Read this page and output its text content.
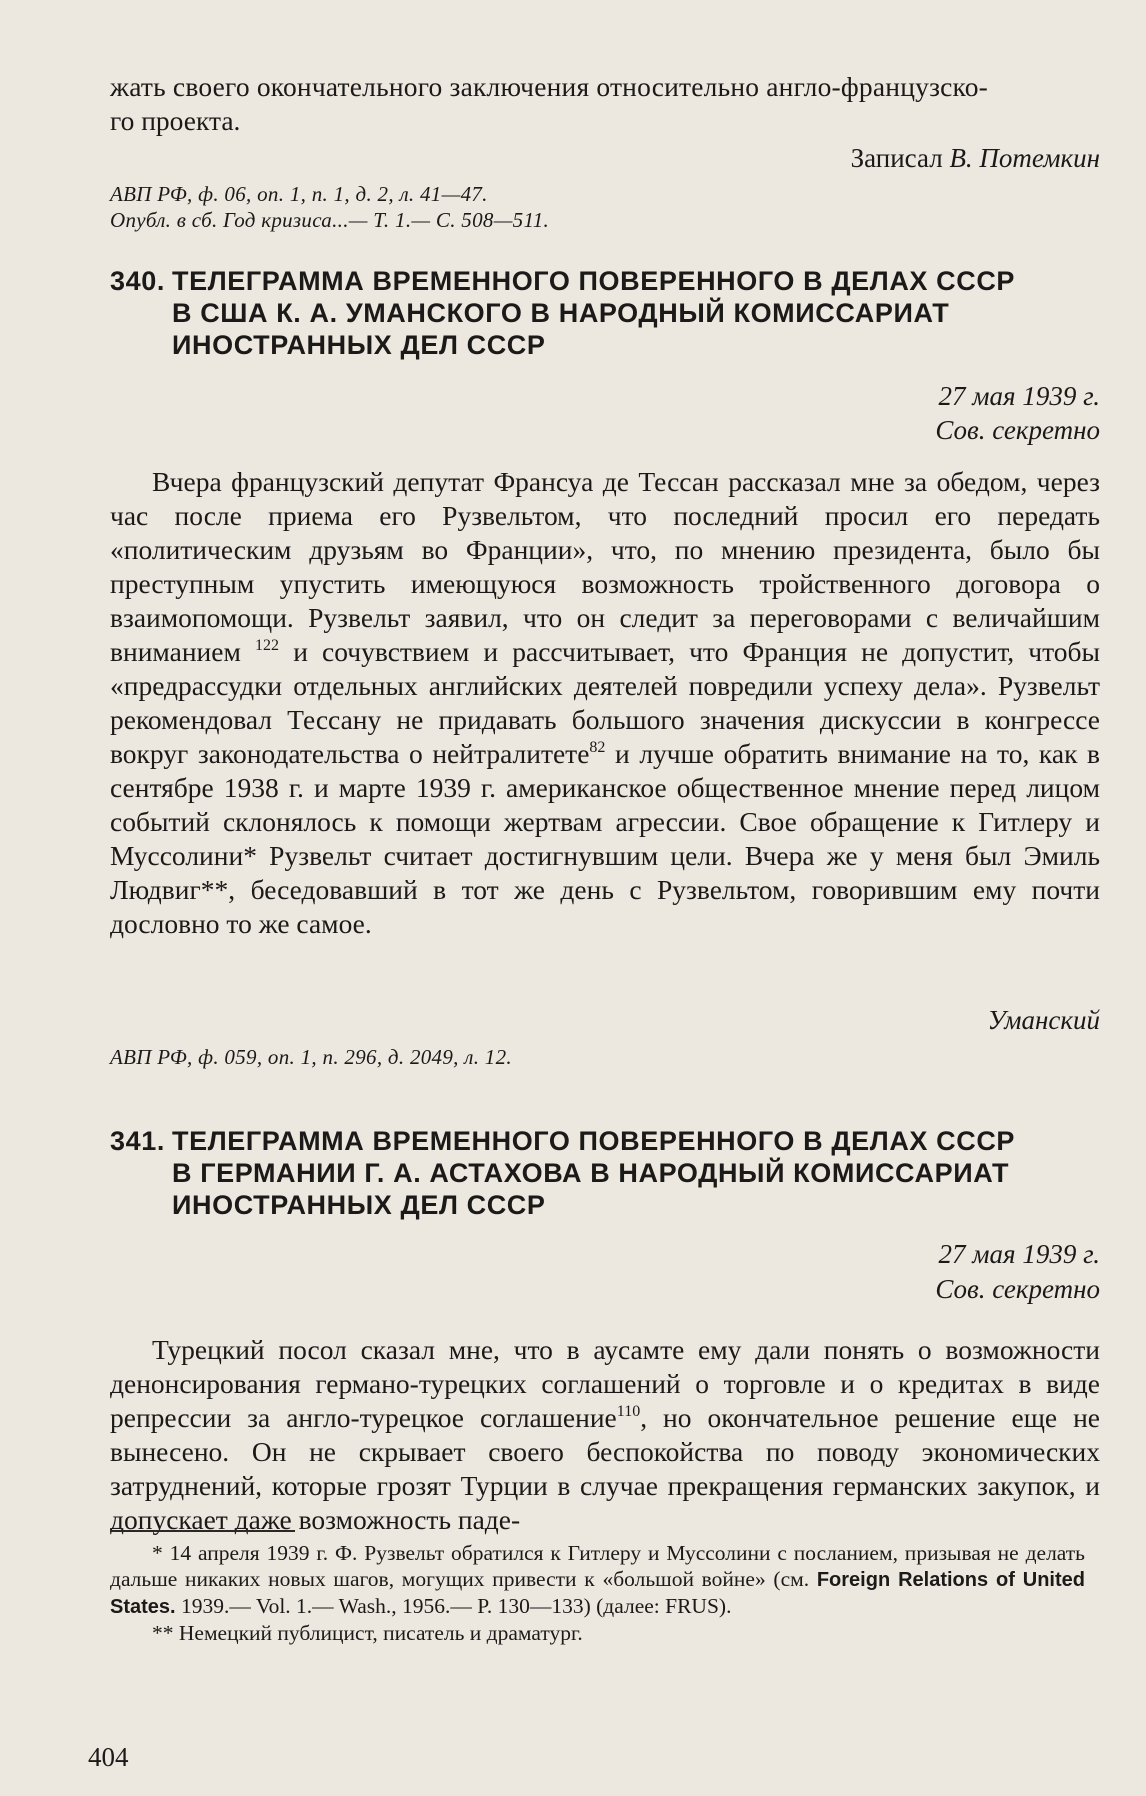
жать своего окончательного заключения относительно англо-французско-
го проекта.
Записал В. Потемкин
АВП РФ, ф. 06, оп. 1, п. 1, д. 2, л. 41—47.
Опубл. в сб. Год кризиса...— Т. 1.— С. 508—511.
340. ТЕЛЕГРАММА ВРЕМЕННОГО ПОВЕРЕННОГО В ДЕЛАХ СССР
В США К. А. УМАНСКОГО В НАРОДНЫЙ КОМИССАРИАТ
ИНОСТРАННЫХ ДЕЛ СССР
27 мая 1939 г.
Сов. секретно

Вчера французский депутат Франсуа де Тессан рассказал мне за обедом, через час после приема его Рузвельтом, что последний просил его передать «политическим друзьям во Франции», что, по мнению президента, было бы преступным упустить имеющуюся возможность тройственного договора о взаимопомощи. Рузвельт заявил, что он следит за переговорами с величайшим вниманием $^{122}$ и сочувствием и рассчитывает, что Франция не допустит, чтобы «предрассудки отдельных английских деятелей повредили успеху дела». Рузвельт рекомендовал Тессану не придавать большого значения дискуссии в конгрессе вокруг законодательства о нейтралитете$^{82}$ и лучше обратить внимание на то, как в сентябре 1938 г. и марте 1939 г. американское общественное мнение перед лицом событий склонялось к помощи жертвам агрессии. Свое обращение к Гитлеру и Муссолини* Рузвельт считает достигнувшим цели. Вчера же у меня был Эмиль Людвиг**, беседовавший в тот же день с Рузвельтом, говорившим ему почти дословно то же самое.

Уманский
АВП РФ, ф. 059, оп. 1, п. 296, д. 2049, л. 12.
341. ТЕЛЕГРАММА ВРЕМЕННОГО ПОВЕРЕННОГО В ДЕЛАХ СССР
В ГЕРМАНИИ Г. А. АСТАХОВА В НАРОДНЫЙ КОМИССАРИАТ
ИНОСТРАННЫХ ДЕЛ СССР
27 мая 1939 г.
Сов. секретно

Турецкий посол сказал мне, что в аусамте ему дали понять о возможности денонсирования германо-турецких соглашений о торговле и о кредитах в виде репрессии за англо-турецкое соглашение$^{110}$, но окончательное решение еще не вынесено. Он не скрывает своего беспокойства по поводу экономических затруднений, которые грозят Турции в случае прекращения германских закупок, и допускает даже возможность паде-

* 14 апреля 1939 г. Ф. Рузвельт обратился к Гитлеру и Муссолини с посланием, призывая не делать дальше никаких новых шагов, могущих привести к «большой войне» (см. Foreign Relations of United States. 1939.— Vol. 1.— Wash., 1956.— P. 130—133) (далее: FRUS).
** Немецкий публицист, писатель и драматург.
404
